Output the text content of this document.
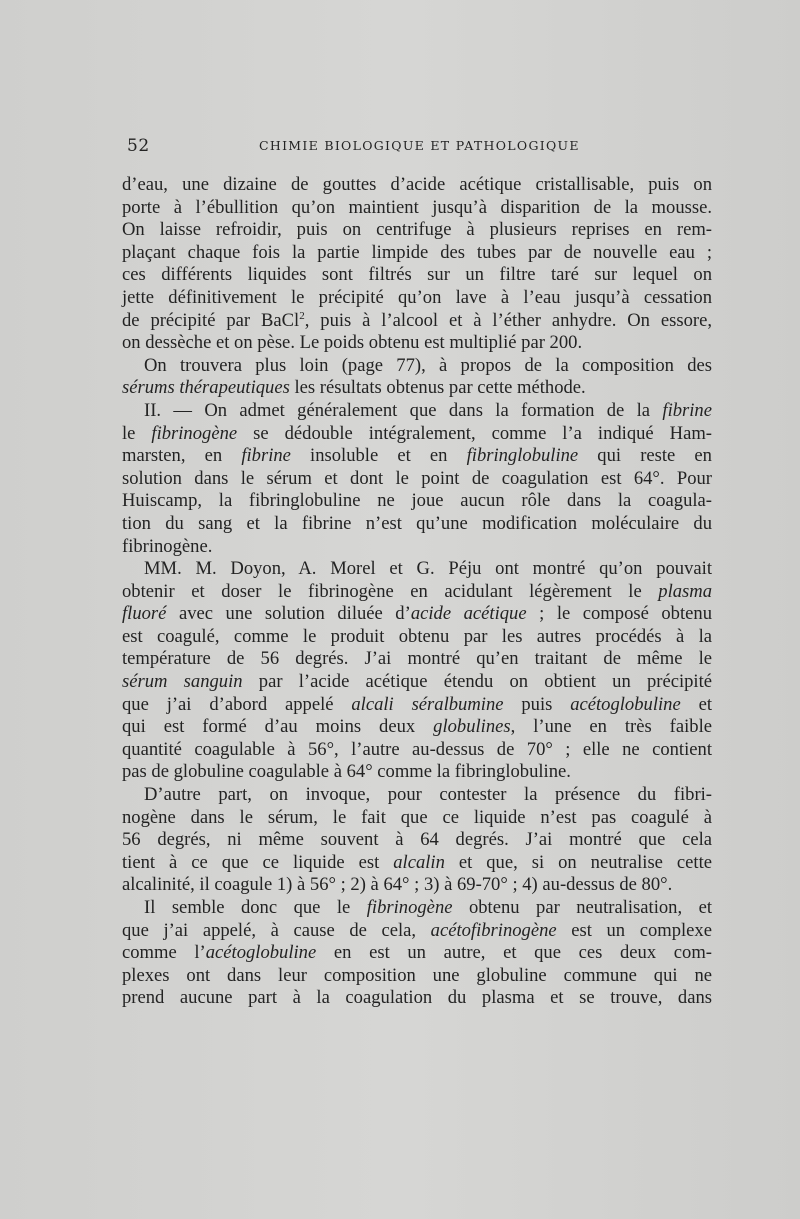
52	CHIMIE BIOLOGIQUE ET PATHOLOGIQUE
d’eau, une dizaine de gouttes d’acide acétique cristallisable, puis on
porte à l’ébullition qu’on maintient jusqu’à disparition de la mousse.
On laisse refroidir, puis on centrifuge à plusieurs reprises en rem-
plaçant chaque fois la partie limpide des tubes par de nouvelle eau ;
ces différents liquides sont filtrés sur un filtre taré sur lequel on
jette définitivement le précipité qu’on lave à l’eau jusqu’à cessation
de précipité par BaCl$^2$, puis à l’alcool et à l’éther anhydre. On essore,
on dessèche et on pèse. Le poids obtenu est multiplié par 200.
On trouvera plus loin (page 77), à propos de la composition des
sérums thérapeutiques les résultats obtenus par cette méthode.
II. — On admet généralement que dans la formation de la fibrine
le fibrinogène se dédouble intégralement, comme l’a indiqué Ham-
marsten, en fibrine insoluble et en fibringlobuline qui reste en
solution dans le sérum et dont le point de coagulation est 64°. Pour
Huiscamp, la fibringlobuline ne joue aucun rôle dans la coagula-
tion du sang et la fibrine n’est qu’une modification moléculaire du
fibrinogène.
MM. M. Doyon, A. Morel et G. Péju ont montré qu’on pouvait
obtenir et doser le fibrinogène en acidulant légèrement le plasma
fluoré avec une solution diluée d’acide acétique ; le composé obtenu
est coagulé, comme le produit obtenu par les autres procédés à la
température de 56 degrés. J’ai montré qu’en traitant de même le
sérum sanguin par l’acide acétique étendu on obtient un précipité
que j’ai d’abord appelé alcali séralbumine puis acétoglobuline et
qui est formé d’au moins deux globulines, l’une en très faible
quantité coagulable à 56°, l’autre au-dessus de 70° ; elle ne contient
pas de globuline coagulable à 64° comme la fibringlobuline.
D’autre part, on invoque, pour contester la présence du fibri-
nogène dans le sérum, le fait que ce liquide n’est pas coagulé à
56 degrés, ni même souvent à 64 degrés. J’ai montré que cela
tient à ce que ce liquide est alcalin et que, si on neutralise cette
alcalinité, il coagule 1) à 56° ; 2) à 64° ; 3) à 69-70° ; 4) au-dessus de 80°.
Il semble donc que le fibrinogène obtenu par neutralisation, et
que j’ai appelé, à cause de cela, acétofibrinogène est un complexe
comme l’acétoglobuline en est un autre, et que ces deux com-
plexes ont dans leur composition une globuline commune qui ne
prend aucune part à la coagulation du plasma et se trouve, dans
